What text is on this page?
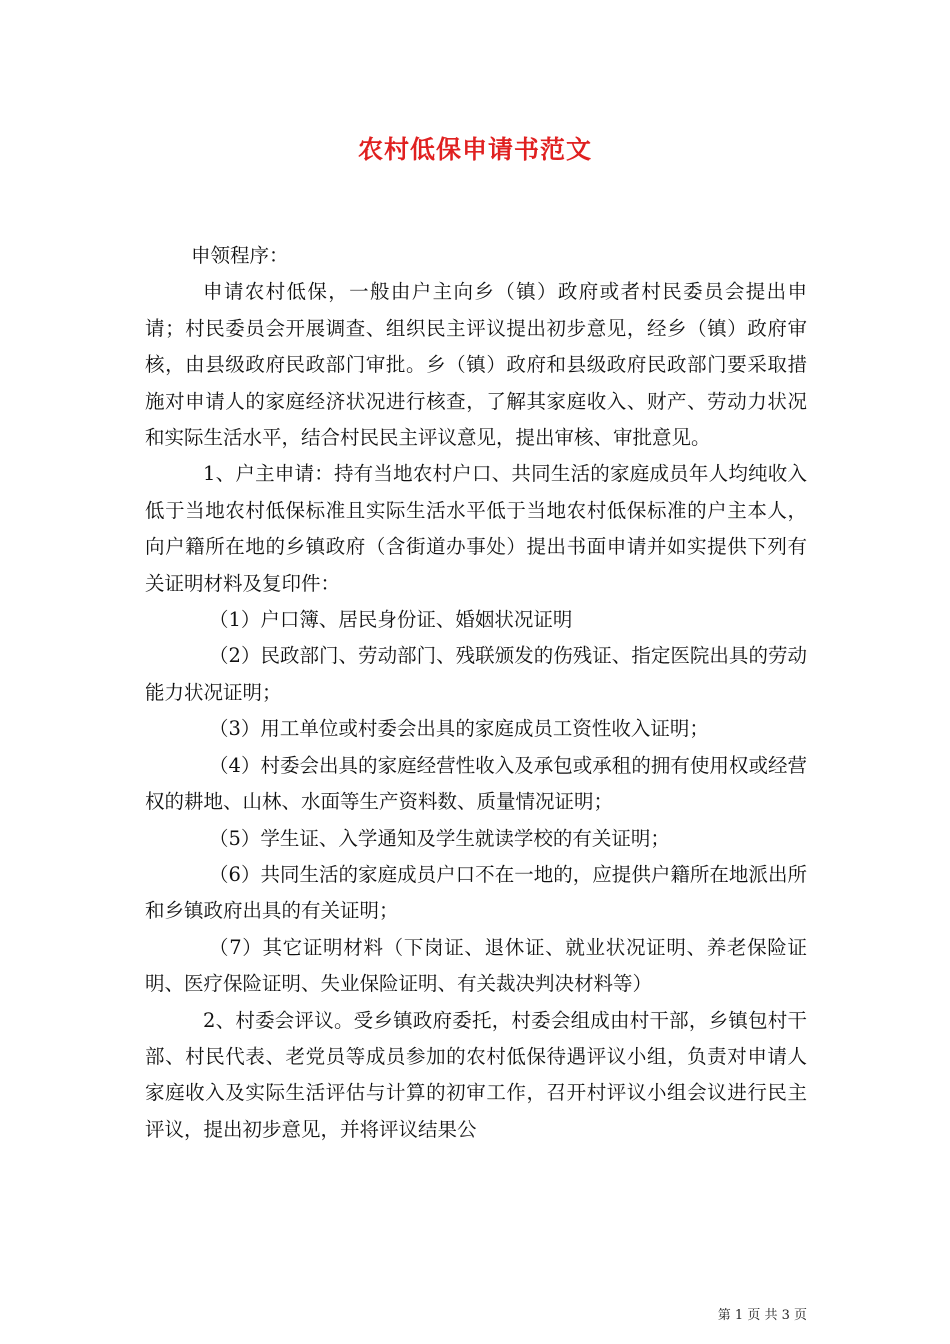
农村低保申请书范文

申领程序：

申请农村低保，一般由户主向乡（镇）政府或者村民委员会提出申请；村民委员会开展调查、组织民主评议提出初步意见，经乡（镇）政府审核，由县级政府民政部门审批。乡（镇）政府和县级政府民政部门要采取措施对申请人的家庭经济状况进行核查，了解其家庭收入、财产、劳动力状况和实际生活水平，结合村民民主评议意见，提出审核、审批意见。

1、户主申请：持有当地农村户口、共同生活的家庭成员年人均纯收入低于当地农村低保标准且实际生活水平低于当地农村低保标准的户主本人，向户籍所在地的乡镇政府（含街道办事处）提出书面申请并如实提供下列有关证明材料及复印件：

（1）户口簿、居民身份证、婚姻状况证明

（2）民政部门、劳动部门、残联颁发的伤残证、指定医院出具的劳动能力状况证明；

（3）用工单位或村委会出具的家庭成员工资性收入证明；

（4）村委会出具的家庭经营性收入及承包或承租的拥有使用权或经营权的耕地、山林、水面等生产资料数、质量情况证明；

（5）学生证、入学通知及学生就读学校的有关证明；

（6）共同生活的家庭成员户口不在一地的，应提供户籍所在地派出所和乡镇政府出具的有关证明；

（7）其它证明材料（下岗证、退休证、就业状况证明、养老保险证明、医疗保险证明、失业保险证明、有关裁决判决材料等）

2、村委会评议。受乡镇政府委托，村委会组成由村干部，乡镇包村干部、村民代表、老党员等成员参加的农村低保待遇评议小组，负责对申请人家庭收入及实际生活评估与计算的初审工作，召开村评议小组会议进行民主评议，提出初步意见，并将评议结果公

第 1 页 共 3 页
